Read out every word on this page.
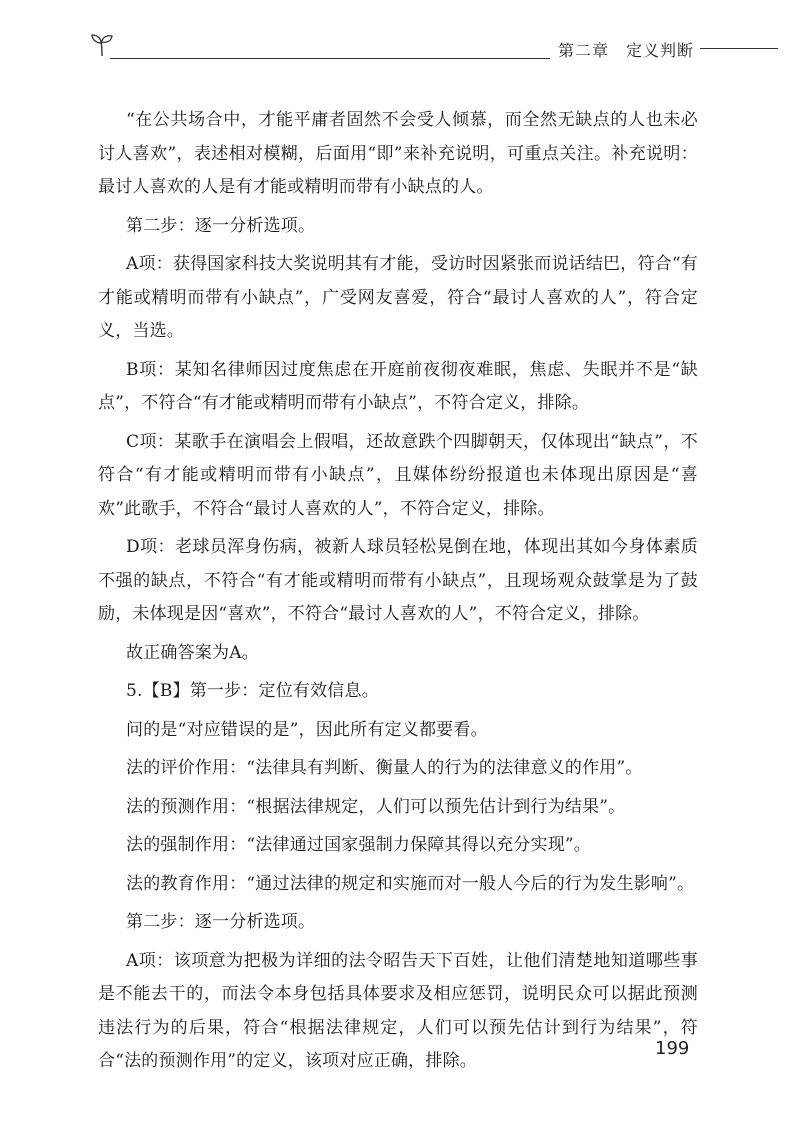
第二章　定义判断

“在公共场合中，才能平庸者固然不会受人倾慕，而全然无缺点的人也未必讨人喜欢”，表述相对模糊，后面用“即”来补充说明，可重点关注。补充说明：最讨人喜欢的人是有才能或精明而带有小缺点的人。

第二步：逐一分析选项。

A项：获得国家科技大奖说明其有才能，受访时因紧张而说话结巴，符合“有才能或精明而带有小缺点”，广受网友喜爱，符合“最讨人喜欢的人”，符合定义，当选。

B项：某知名律师因过度焦虑在开庭前夜彻夜难眠，焦虑、失眠并不是“缺点”，不符合“有才能或精明而带有小缺点”，不符合定义，排除。

C项：某歌手在演唱会上假唱，还故意跌个四脚朝天，仅体现出“缺点”，不符合“有才能或精明而带有小缺点”，且媒体纷纷报道也未体现出原因是“喜欢”此歌手，不符合“最讨人喜欢的人”，不符合定义，排除。

D项：老球员浑身伤病，被新人球员轻松晃倒在地，体现出其如今身体素质不强的缺点，不符合“有才能或精明而带有小缺点”，且现场观众鼓掌是为了鼓励，未体现是因“喜欢”，不符合“最讨人喜欢的人”，不符合定义，排除。

故正确答案为A。

5.【B】第一步：定位有效信息。

问的是“对应错误的是”，因此所有定义都要看。

法的评价作用：“法律具有判断、衡量人的行为的法律意义的作用”。

法的预测作用：“根据法律规定，人们可以预先估计到行为结果”。

法的强制作用：“法律通过国家强制力保障其得以充分实现”。

法的教育作用：“通过法律的规定和实施而对一般人今后的行为发生影响”。

第二步：逐一分析选项。

A项：该项意为把极为详细的法令昭告天下百姓，让他们清楚地知道哪些事是不能去干的，而法令本身包括具体要求及相应惩罚，说明民众可以据此预测违法行为的后果，符合“根据法律规定，人们可以预先估计到行为结果”，符合“法的预测作用”的定义，该项对应正确，排除。

199
